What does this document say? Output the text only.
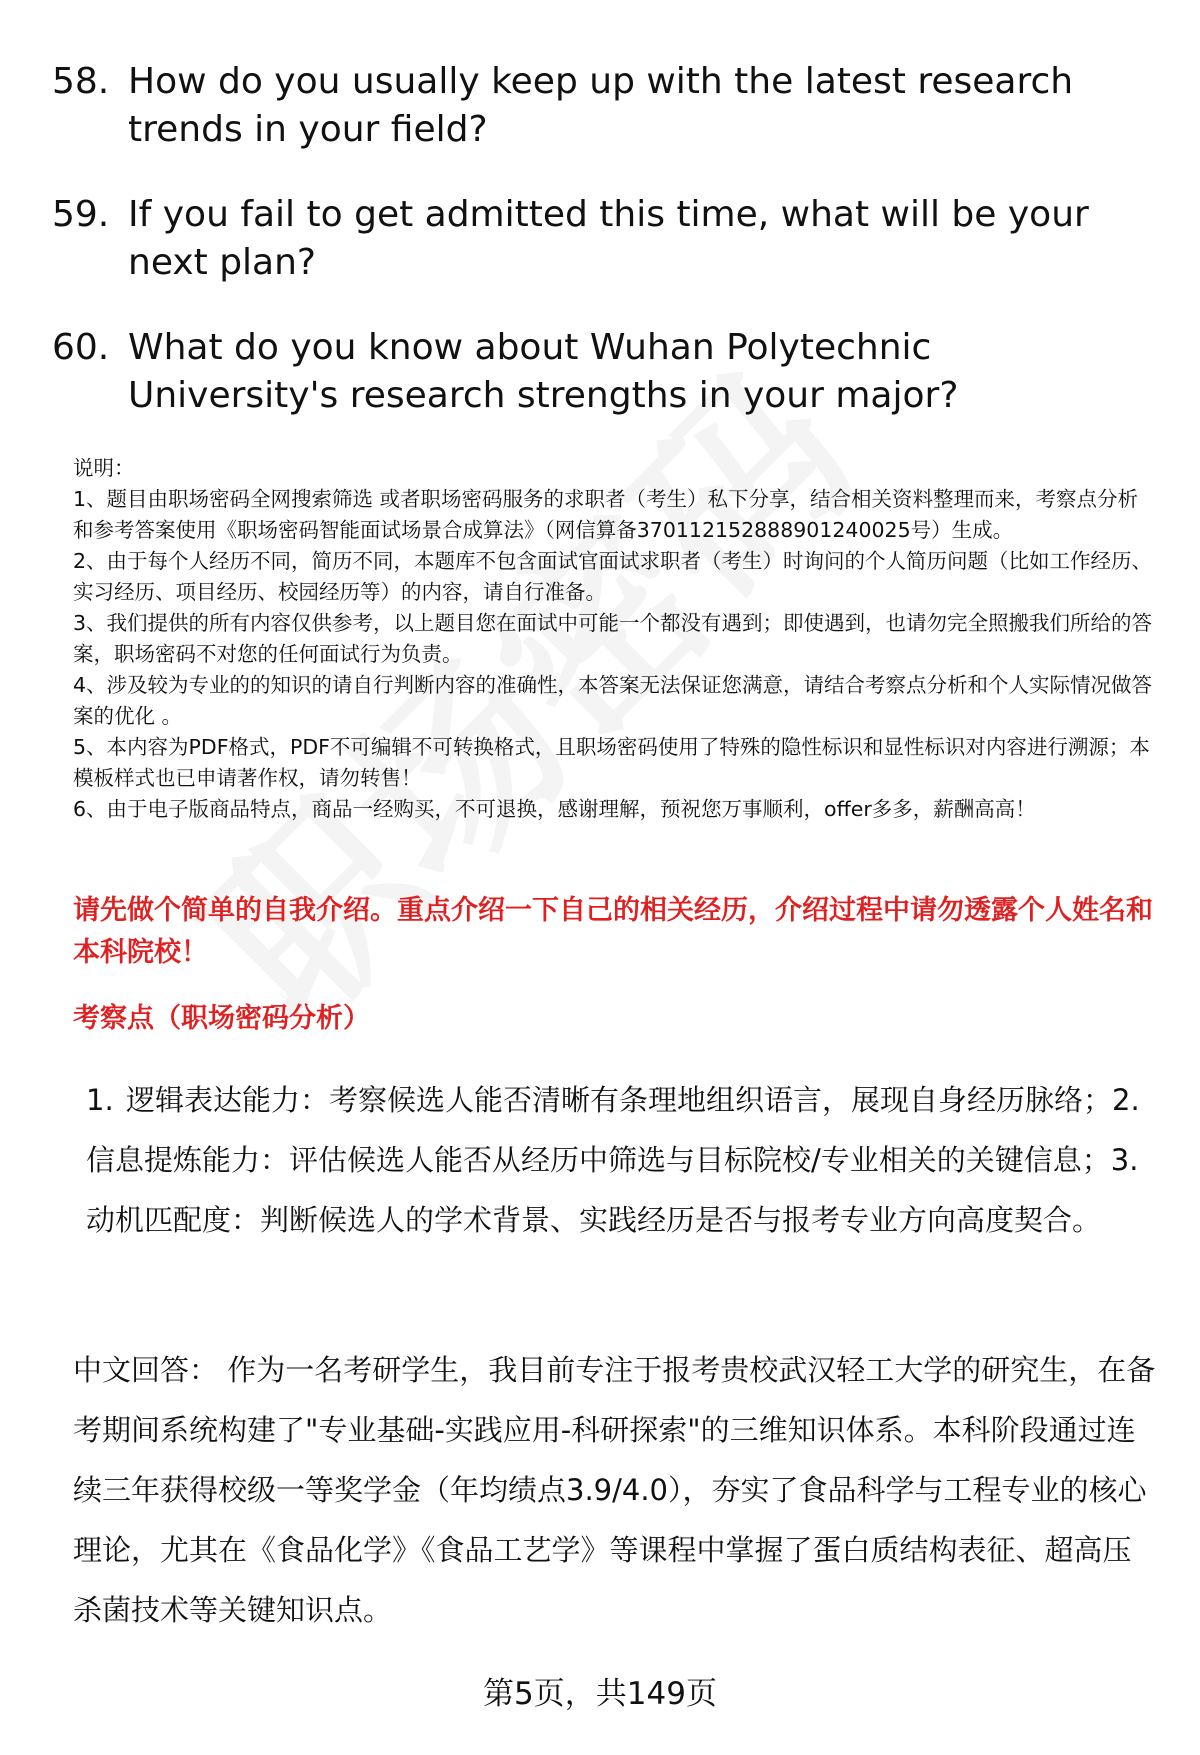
58. How do you usually keep up with the latest research trends in your field?
59. If you fail to get admitted this time, what will be your next plan?
60. What do you know about Wuhan Polytechnic University's research strengths in your major?
说明：
1、题目由职场密码全网搜索筛选 或者职场密码服务的求职者（考生）私下分享，结合相关资料整理而来，考察点分析和参考答案使用《职场密码智能面试场景合成算法》（网信算备370112152888901240025号）生成。
2、由于每个人经历不同，简历不同，本题库不包含面试官面试求职者（考生）时询问的个人简历问题（比如工作经历、实习经历、项目经历、校园经历等）的内容，请自行准备。
3、我们提供的所有内容仅供参考，以上题目您在面试中可能一个都没有遇到；即使遇到，也请勿完全照搬我们所给的答案，职场密码不对您的任何面试行为负责。
4、涉及较为专业的的知识的请自行判断内容的准确性，本答案无法保证您满意，请结合考察点分析和个人实际情况做答案的优化 。
5、本内容为PDF格式，PDF不可编辑不可转换格式，且职场密码使用了特殊的隐性标识和显性标识对内容进行溯源；本模板样式也已申请著作权，请勿转售！
6、由于电子版商品特点，商品一经购买，不可退换，感谢理解，预祝您万事顺利，offer多多，薪酬高高！
请先做个简单的自我介绍。重点介绍一下自己的相关经历，介绍过程中请勿透露个人姓名和本科院校！
考察点（职场密码分析）
1. 逻辑表达能力：考察候选人能否清晰有条理地组织语言，展现自身经历脉络；2. 信息提炼能力：评估候选人能否从经历中筛选与目标院校/专业相关的关键信息；3. 动机匹配度：判断候选人的学术背景、实践经历是否与报考专业方向高度契合。
中文回答： 作为一名考研学生，我目前专注于报考贵校武汉轻工大学的研究生，在备考期间系统构建了"专业基础-实践应用-科研探索"的三维知识体系。本科阶段通过连续三年获得校级一等奖学金（年均绩点3.9/4.0），夯实了食品科学与工程专业的核心理论，尤其在《食品化学》《食品工艺学》等课程中掌握了蛋白质结构表征、超高压杀菌技术等关键知识点。
第5页，共149页
